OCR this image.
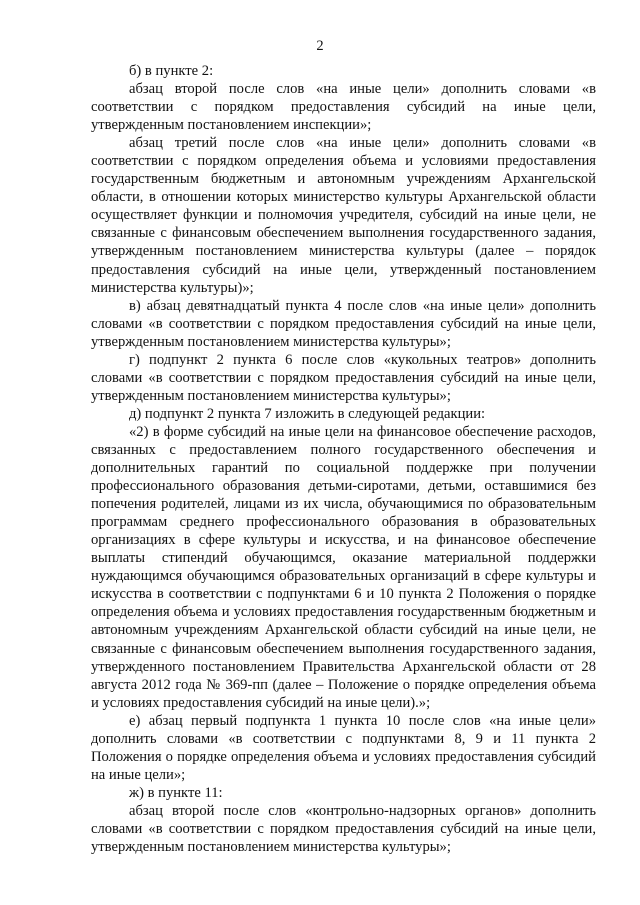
2

б) в пункте 2:

абзац второй после слов «на иные цели» дополнить словами «в соответствии с порядком предоставления субсидий на иные цели, утвержденным постановлением инспекции»;

абзац третий после слов «на иные цели» дополнить словами «в соответствии с порядком определения объема и условиями предоставления государственным бюджетным и автономным учреждениям Архангельской области, в отношении которых министерство культуры Архангельской области осуществляет функции и полномочия учредителя, субсидий на иные цели, не связанные с финансовым обеспечением выполнения государственного задания, утвержденным постановлением министерства культуры (далее – порядок предоставления субсидий на иные цели, утвержденный постановлением министерства культуры)»;

в) абзац девятнадцатый пункта 4 после слов «на иные цели» дополнить словами «в соответствии с порядком предоставления субсидий на иные цели, утвержденным постановлением министерства культуры»;

г) подпункт 2 пункта 6 после слов «кукольных театров» дополнить словами «в соответствии с порядком предоставления субсидий на иные цели, утвержденным постановлением министерства культуры»;

д) подпункт 2 пункта 7 изложить в следующей редакции:

«2) в форме субсидий на иные цели на финансовое обеспечение расходов, связанных с предоставлением полного государственного обеспечения и дополнительных гарантий по социальной поддержке при получении профессионального образования детьми-сиротами, детьми, оставшимися без попечения родителей, лицами из их числа, обучающимися по образовательным программам среднего профессионального образования в образовательных организациях в сфере культуры и искусства, и на финансовое обеспечение выплаты стипендий обучающимся, оказание материальной поддержки нуждающимся обучающимся образовательных организаций в сфере культуры и искусства в соответствии с подпунктами 6 и 10 пункта 2 Положения о порядке определения объема и условиях предоставления государственным бюджетным и автономным учреждениям Архангельской области субсидий на иные цели, не связанные с финансовым обеспечением выполнения государственного задания, утвержденного постановлением Правительства Архангельской области от 28 августа 2012 года № 369-пп (далее – Положение о порядке определения объема и условиях предоставления субсидий на иные цели).»;

е) абзац первый подпункта 1 пункта 10 после слов «на иные цели» дополнить словами «в соответствии с подпунктами 8, 9 и 11 пункта 2 Положения о порядке определения объема и условиях предоставления субсидий на иные цели»;

ж) в пункте 11:

абзац второй после слов «контрольно-надзорных органов» дополнить словами «в соответствии с порядком предоставления субсидий на иные цели, утвержденным постановлением министерства культуры»;
